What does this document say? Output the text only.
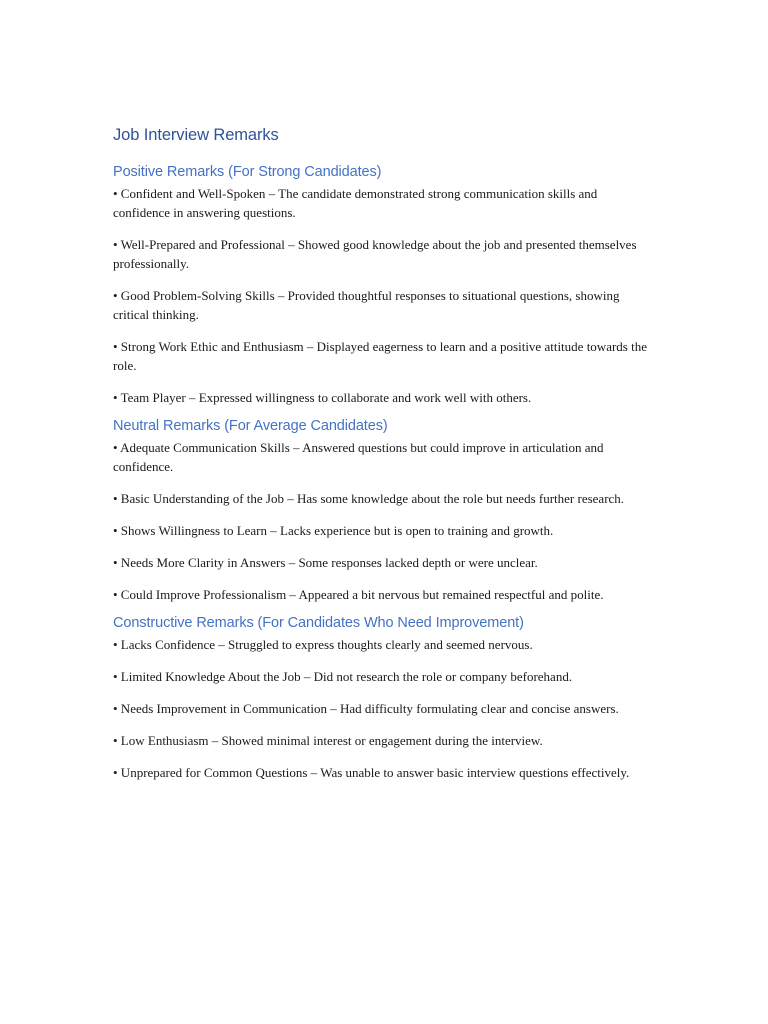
Job Interview Remarks
Positive Remarks (For Strong Candidates)

• Confident and Well-Spoken – The candidate demonstrated strong communication skills and confidence in answering questions.

• Well-Prepared and Professional – Showed good knowledge about the job and presented themselves professionally.

• Good Problem-Solving Skills – Provided thoughtful responses to situational questions, showing critical thinking.

• Strong Work Ethic and Enthusiasm – Displayed eagerness to learn and a positive attitude towards the role.

• Team Player – Expressed willingness to collaborate and work well with others.

Neutral Remarks (For Average Candidates)

• Adequate Communication Skills – Answered questions but could improve in articulation and confidence.

• Basic Understanding of the Job – Has some knowledge about the role but needs further research.

• Shows Willingness to Learn – Lacks experience but is open to training and growth.

• Needs More Clarity in Answers – Some responses lacked depth or were unclear.

• Could Improve Professionalism – Appeared a bit nervous but remained respectful and polite.

Constructive Remarks (For Candidates Who Need Improvement)

• Lacks Confidence – Struggled to express thoughts clearly and seemed nervous.

• Limited Knowledge About the Job – Did not research the role or company beforehand.

• Needs Improvement in Communication – Had difficulty formulating clear and concise answers.

• Low Enthusiasm – Showed minimal interest or engagement during the interview.

• Unprepared for Common Questions – Was unable to answer basic interview questions effectively.
